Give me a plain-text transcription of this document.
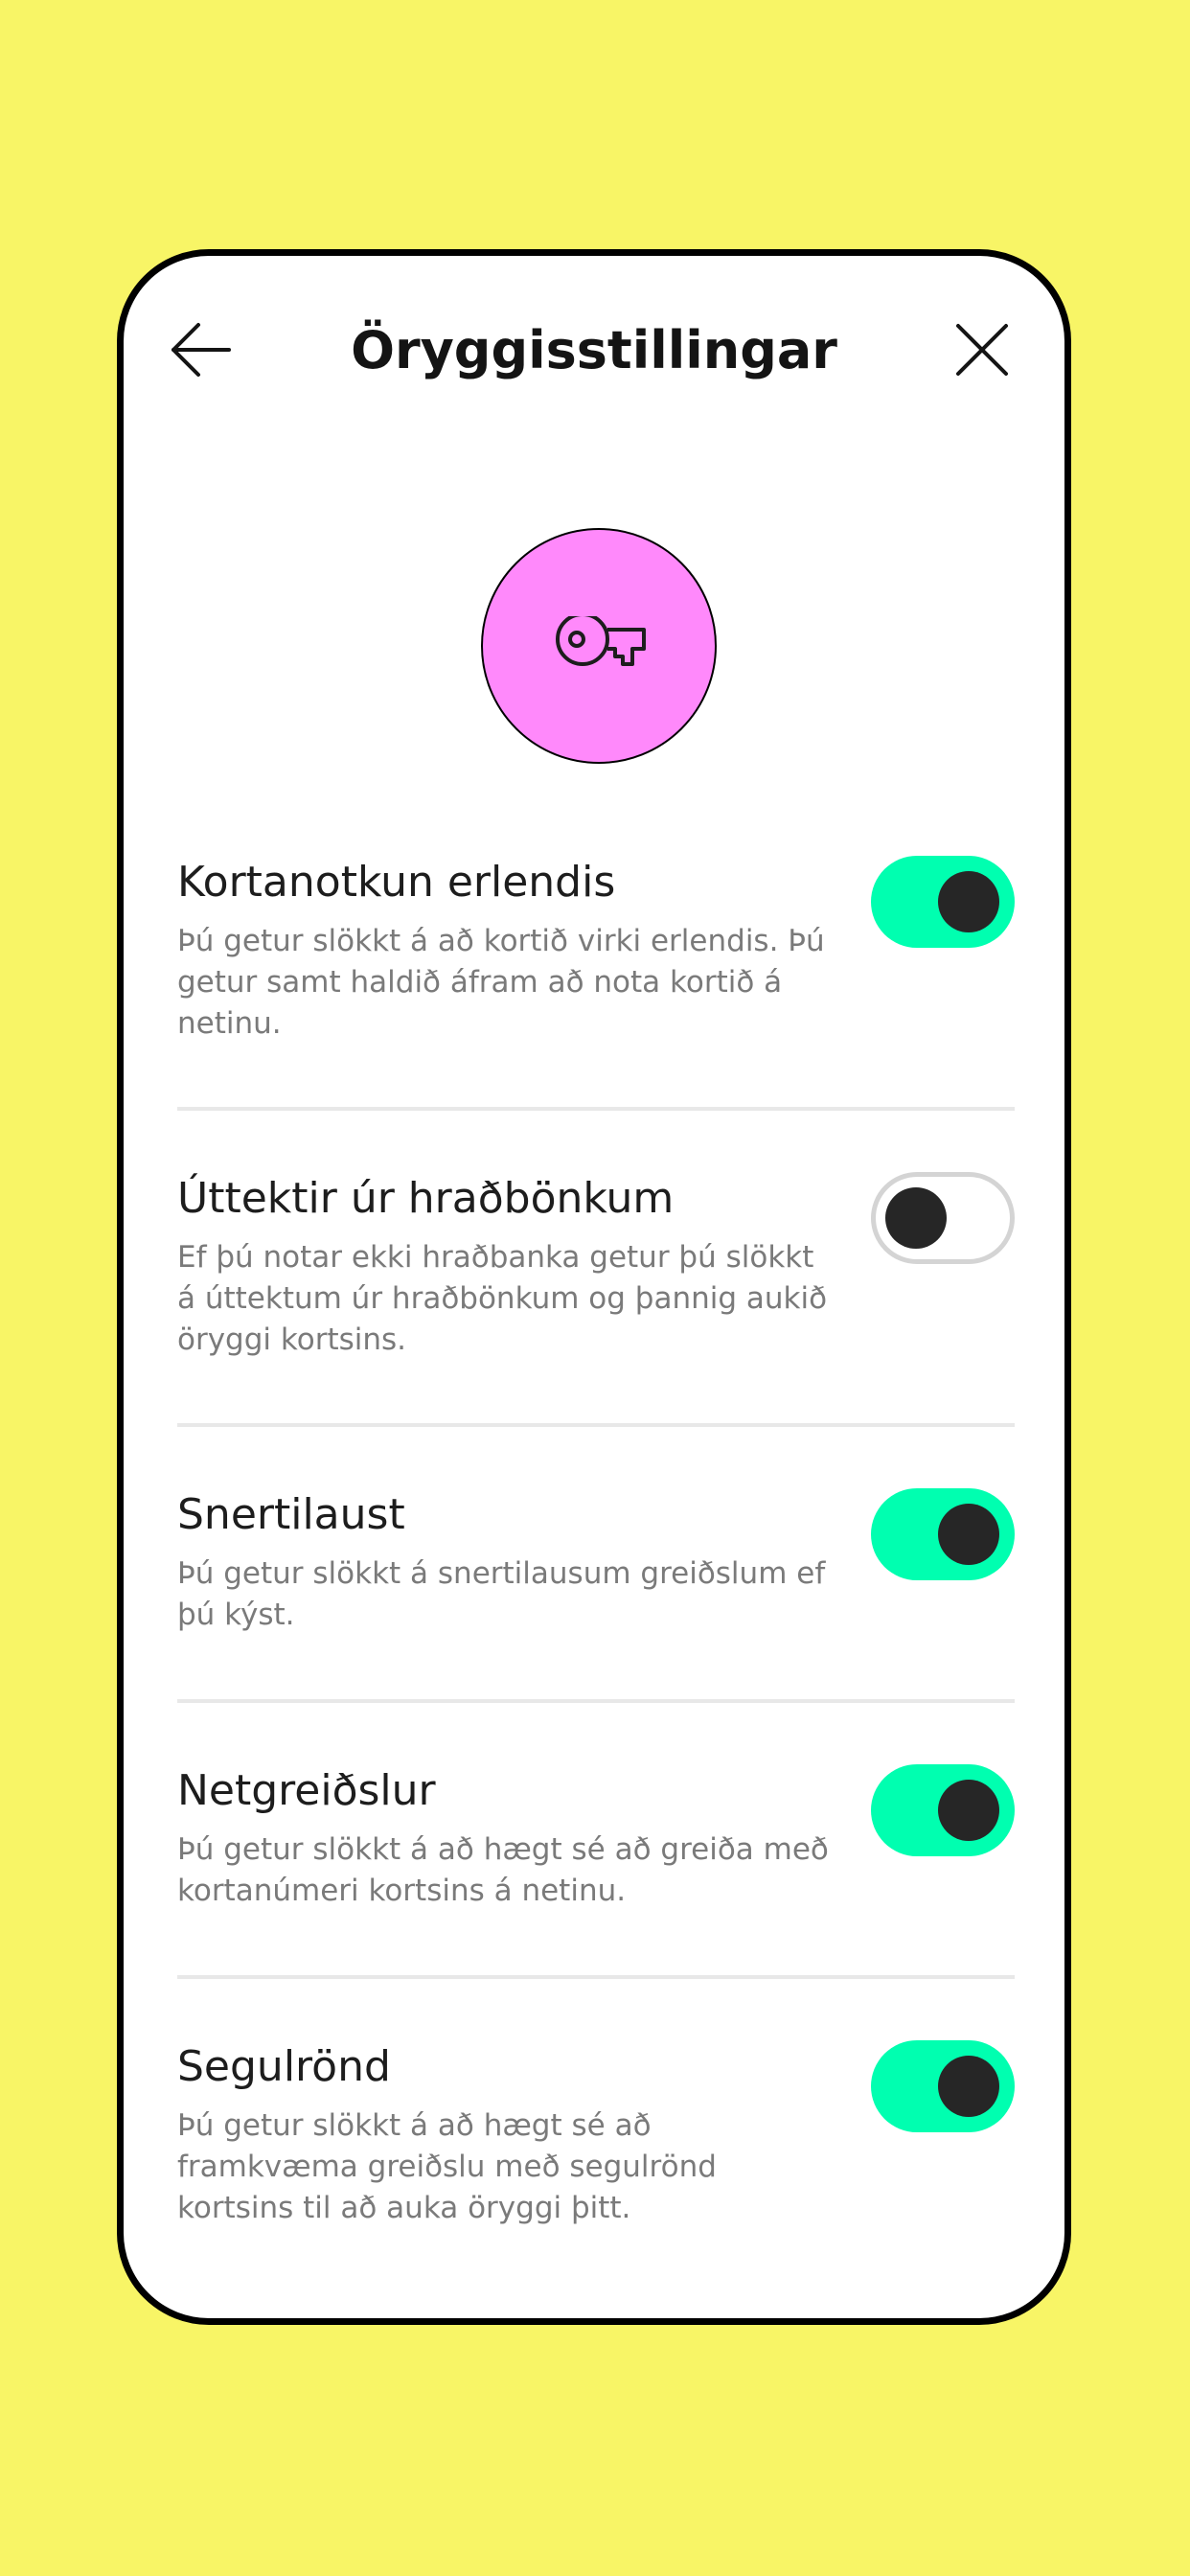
Öryggisstillingar
Kortanotkun erlendis
Þú getur slökkt á að kortið virki erlendis. Þú getur samt haldið áfram að nota kortið á netinu.
Úttektir úr hraðbönkum
Ef þú notar ekki hraðbanka getur þú slökkt á úttektum úr hraðbönkum og þannig aukið öryggi kortsins.
Snertilaust
Þú getur slökkt á snertilausum greiðslum ef þú kýst.
Netgreiðslur
Þú getur slökkt á að hægt sé að greiða með kortanúmeri kortsins á netinu.
Segulrönd
Þú getur slökkt á að hægt sé að framkvæma greiðslu með segulrönd kortsins til að auka öryggi þitt.
